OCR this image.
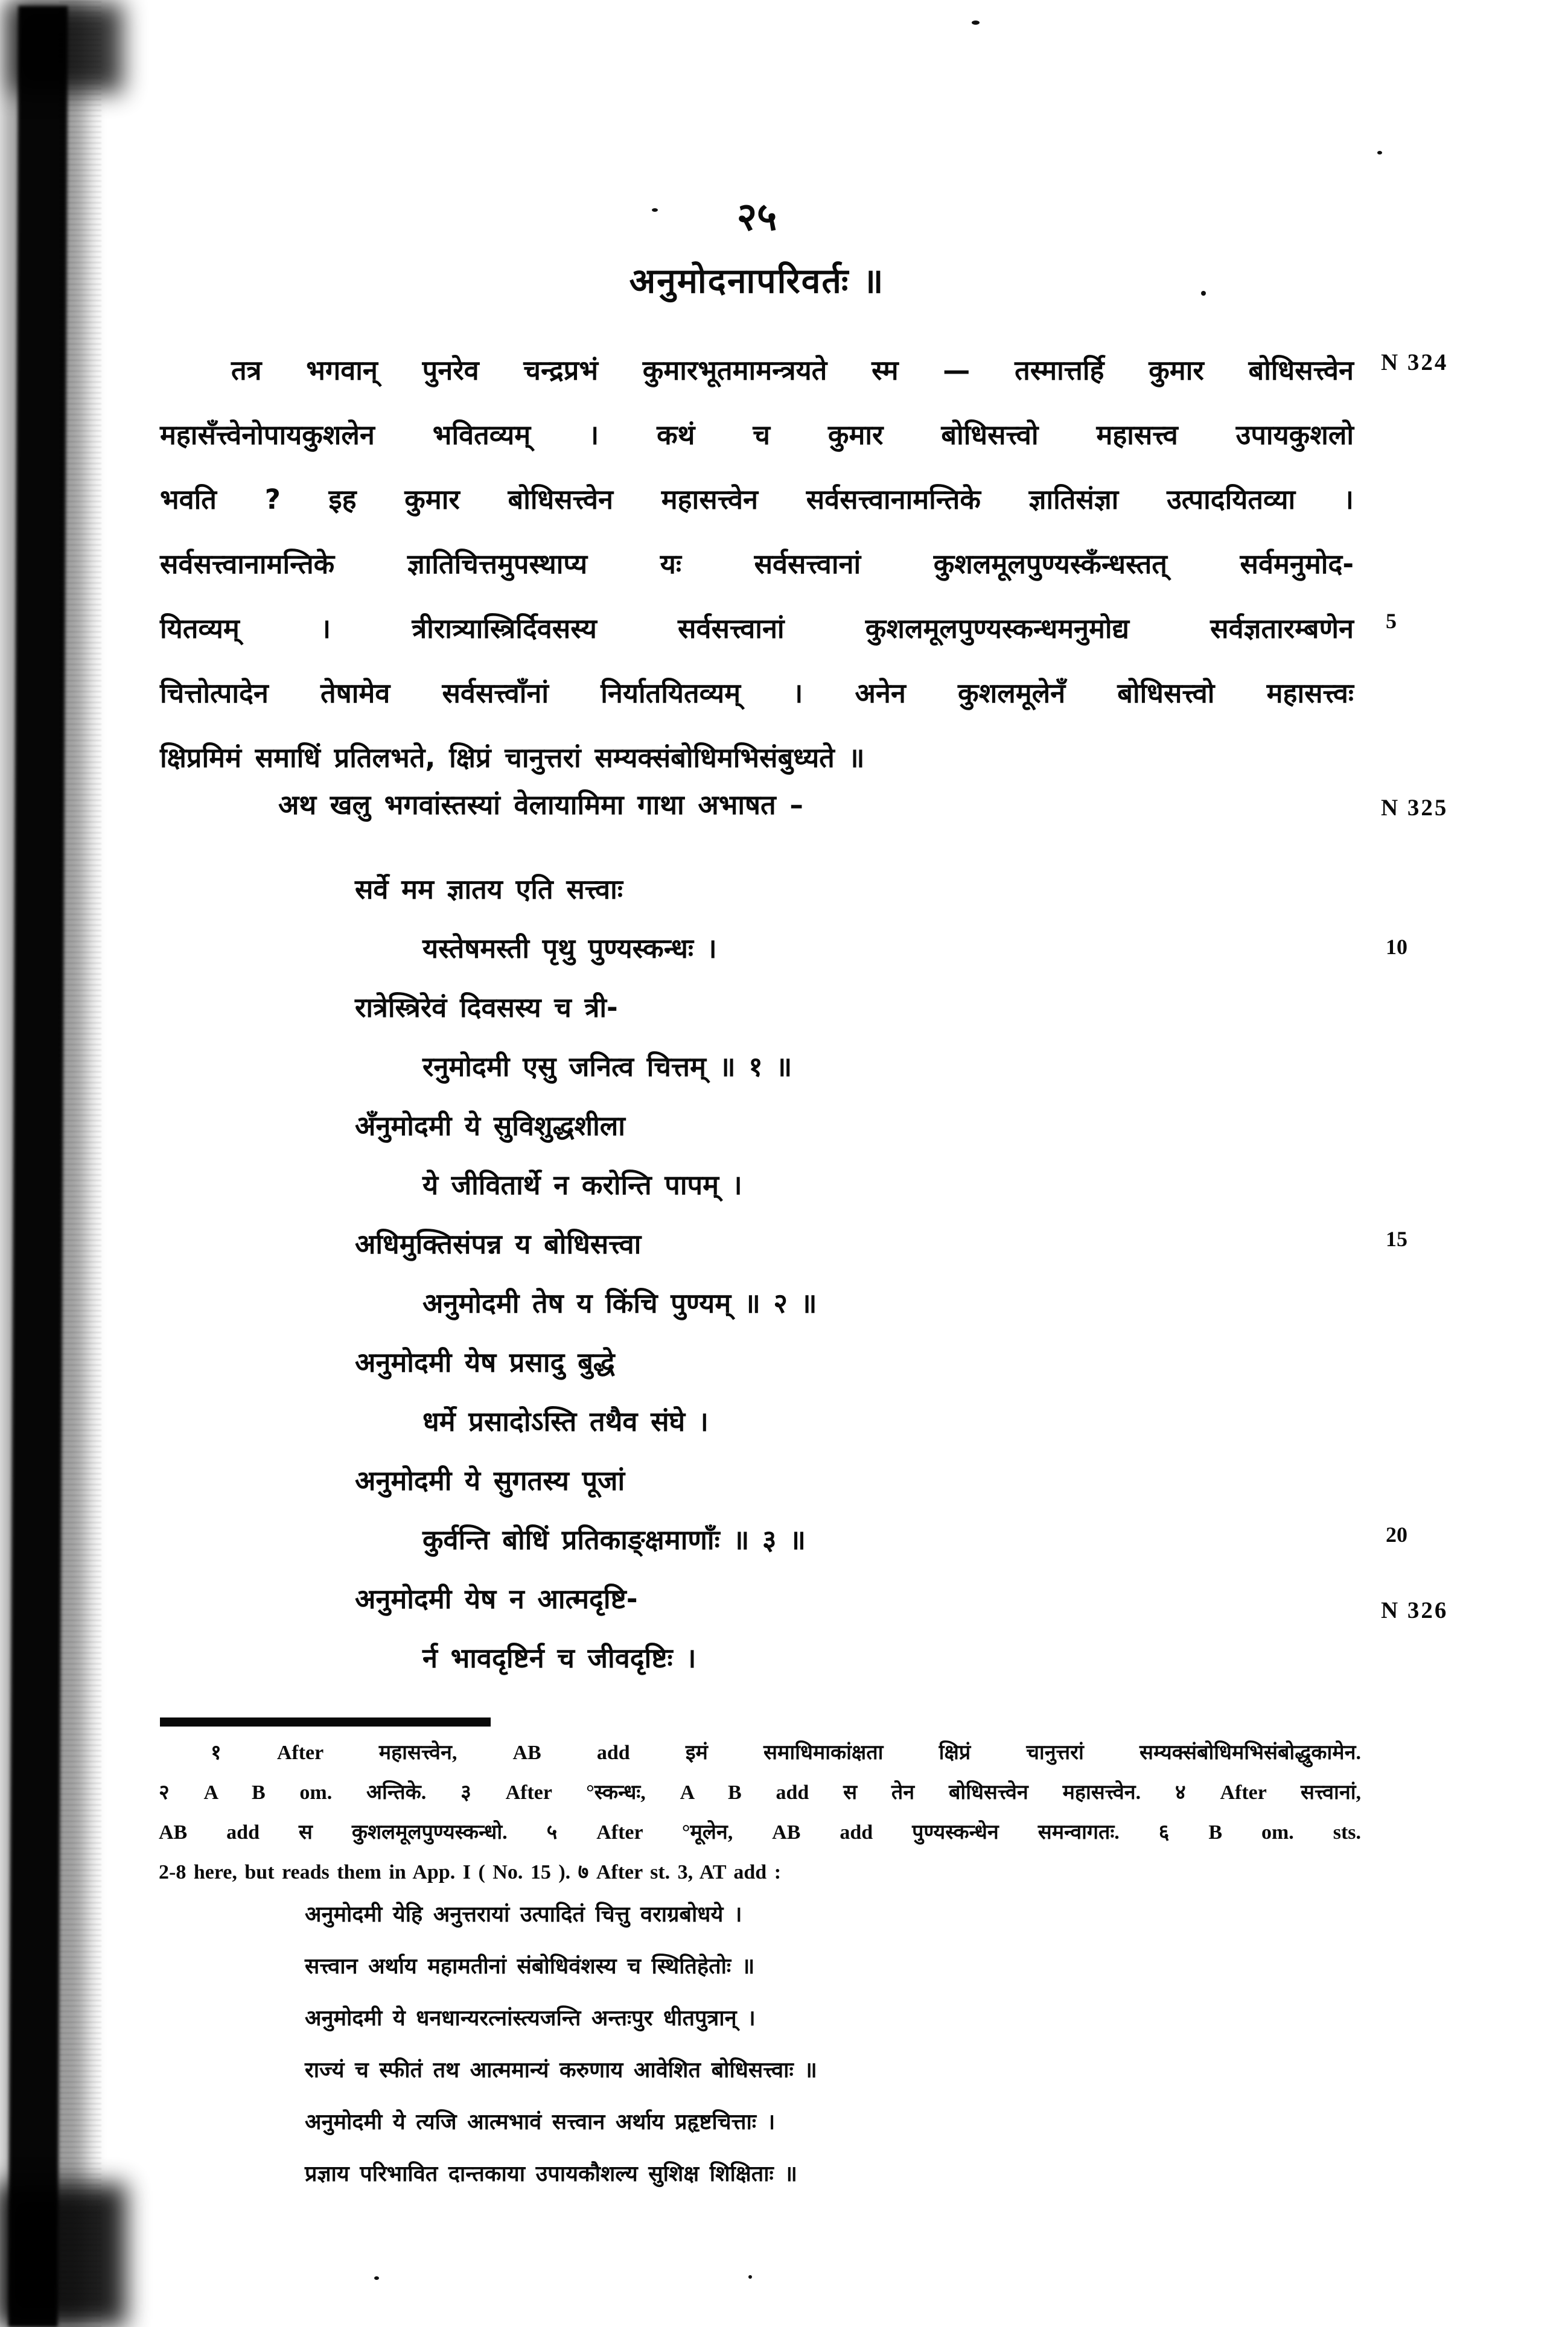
२५
अनुमोदनापरिवर्तः ॥
तत्र भगवान् पुनरेव चन्द्रप्रभं कुमारभूतमामन्त्रयते स्म — तस्मात्तर्हि कुमार बोधिसत्त्वेन
महासँत्त्वेनोपायकुशलेन भवितव्यम् । कथं च कुमार बोधिसत्त्वो महासत्त्व उपायकुशलो
भवति ? इह कुमार बोधिसत्त्वेन महासत्त्वेन सर्वसत्त्वानामन्तिके ज्ञातिसंज्ञा उत्पादयितव्या ।
सर्वसत्त्वानामन्तिके ज्ञातिचित्तमुपस्थाप्य यः सर्वसत्त्वानां कुशलमूलपुण्यस्कँन्धस्तत् सर्वमनुमोद-
यितव्यम् । त्रीरात्र्यास्त्रिर्दिवसस्य सर्वसत्त्वानां कुशलमूलपुण्यस्कन्धमनुमोद्य सर्वज्ञतारम्बणेन
चित्तोत्पादेन तेषामेव सर्वसत्त्वाँनां निर्यातयितव्यम् । अनेन कुशलमूलेनँ बोधिसत्त्वो महासत्त्वः
क्षिप्रमिमं समाधिं प्रतिलभते, क्षिप्रं चानुत्तरां सम्यक्संबोधिमभिसंबुध्यते ॥
अथ खलु भगवांस्तस्यां वेलायामिमा गाथा अभाषत –
सर्वे मम ज्ञातय एति सत्त्वाः
यस्तेषमस्ती पृथु पुण्यस्कन्धः ।
रात्रेस्त्रिरेवं दिवसस्य च त्री-
रनुमोदमी एसु जनित्व चित्तम् ॥ १ ॥
अँनुमोदमी ये सुविशुद्धशीला
ये जीवितार्थे न करोन्ति पापम् ।
अधिमुक्तिसंपन्न य बोधिसत्त्वा
अनुमोदमी तेष य किंचि पुण्यम् ॥ २ ॥
अनुमोदमी येष प्रसादु बुद्धे
धर्मे प्रसादोऽस्ति तथैव संघे ।
अनुमोदमी ये सुगतस्य पूजां
कुर्वन्ति बोधिं प्रतिकाङ्क्षमाणाँः ॥ ३ ॥
अनुमोदमी येष न आत्मदृष्टि-
र्न भावदृष्टिर्न च जीवदृष्टिः ।
N 324
5
N 325
10
15
20
N 326
१ After महासत्त्वेन, AB add इमं समाधिमाकांक्षता क्षिप्रं चानुत्तरां सम्यक्संबोधिमभिसंबोद्धुकामेन.
२ A B om. अन्तिके. ३ After °स्कन्धः, A B add स तेन बोधिसत्त्वेन महासत्त्वेन. ४ After सत्त्वानां,
AB add स कुशलमूलपुण्यस्कन्धो. ५ After °मूलेन, AB add पुण्यस्कन्धेन समन्वागतः. ६ B om. sts.
2-8 here, but reads them in App. I ( No. 15 ). ७ After st. 3, AT add :
अनुमोदमी येहि अनुत्तरायां उत्पादितं चित्तु वराग्रबोधये ।
सत्त्वान अर्थाय महामतीनां संबोधिवंशस्य च स्थितिहेतोः ॥
अनुमोदमी ये धनधान्यरत्नांस्त्यजन्ति अन्तःपुर धीतपुत्रान् ।
राज्यं च स्फीतं तथ आत्ममान्यं करुणाय आवेशित बोधिसत्त्वाः ॥
अनुमोदमी ये त्यजि आत्मभावं सत्त्वान अर्थाय प्रहृष्टचित्ताः ।
प्रज्ञाय परिभावित दान्तकाया उपायकौशल्य सुशिक्ष शिक्षिताः ॥
